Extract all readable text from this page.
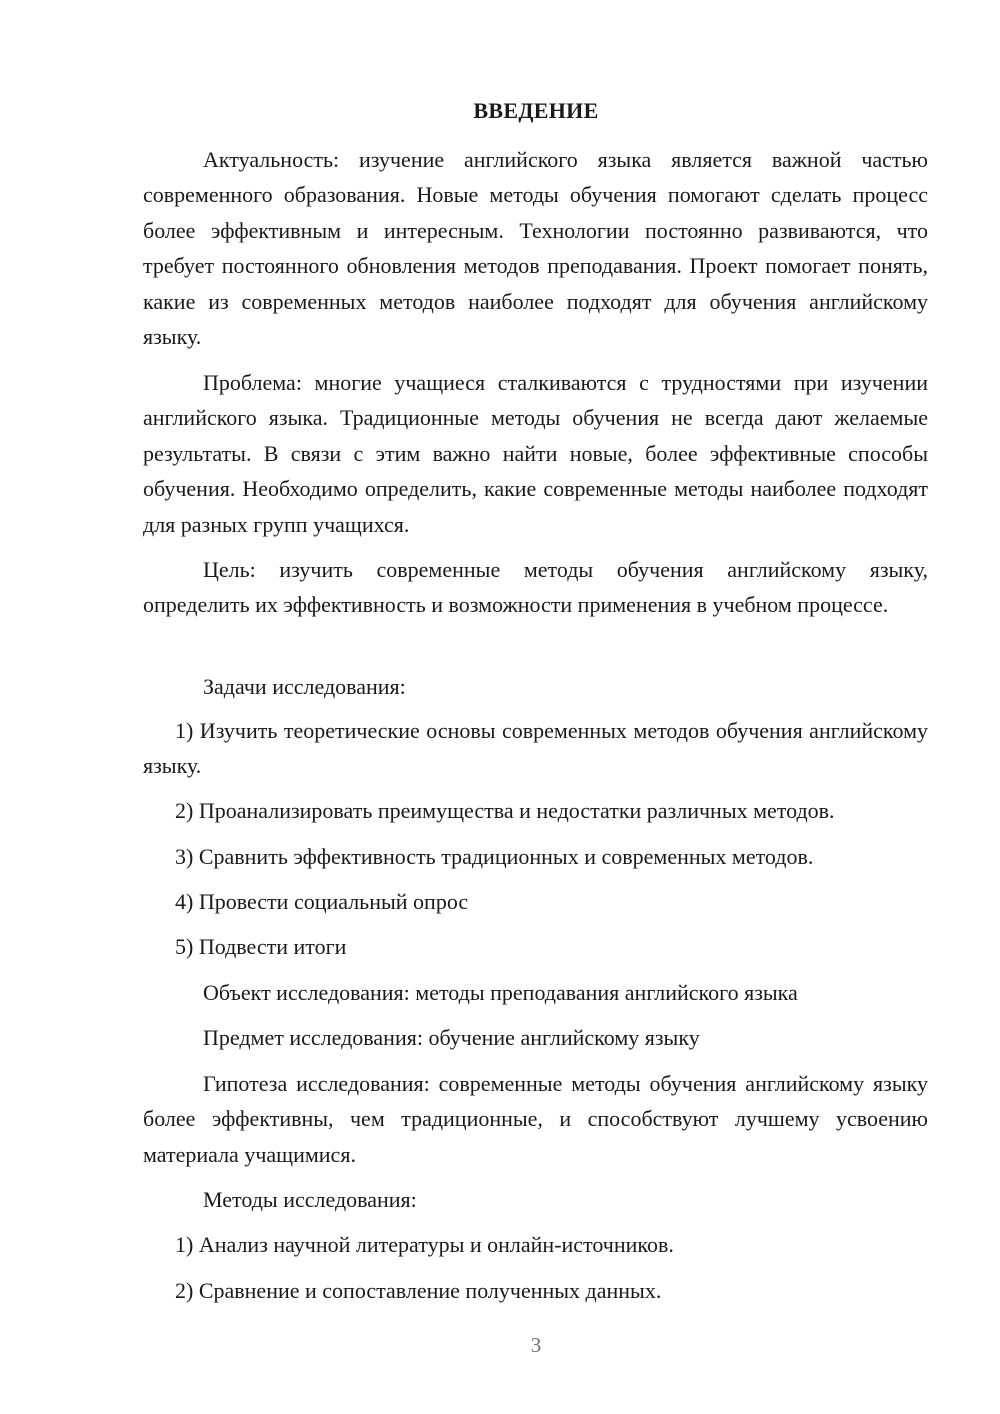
ВВЕДЕНИЕ

Актуальность: изучение английского языка является важной частью современного образования. Новые методы обучения помогают сделать процесс более эффективным и интересным. Технологии постоянно развиваются, что требует постоянного обновления методов преподавания. Проект помогает понять, какие из современных методов наиболее подходят для обучения английскому языку.

Проблема: многие учащиеся сталкиваются с трудностями при изучении английского языка. Традиционные методы обучения не всегда дают желаемые результаты. В связи с этим важно найти новые, более эффективные способы обучения. Необходимо определить, какие современные методы наиболее подходят для разных групп учащихся.

Цель: изучить современные методы обучения английскому языку, определить их эффективность и возможности применения в учебном процессе.

Задачи исследования:

1) Изучить теоретические основы современных методов обучения английскому языку.

2) Проанализировать преимущества и недостатки различных методов.

3) Сравнить эффективность традиционных и современных методов.

4) Провести социальный опрос

5) Подвести итоги

Объект исследования: методы преподавания английского языка

Предмет исследования: обучение английскому языку

Гипотеза исследования: современные методы обучения английскому языку более эффективны, чем традиционные, и способствуют лучшему усвоению материала учащимися.

Методы исследования:

1) Анализ научной литературы и онлайн-источников.

2) Сравнение и сопоставление полученных данных.

3
